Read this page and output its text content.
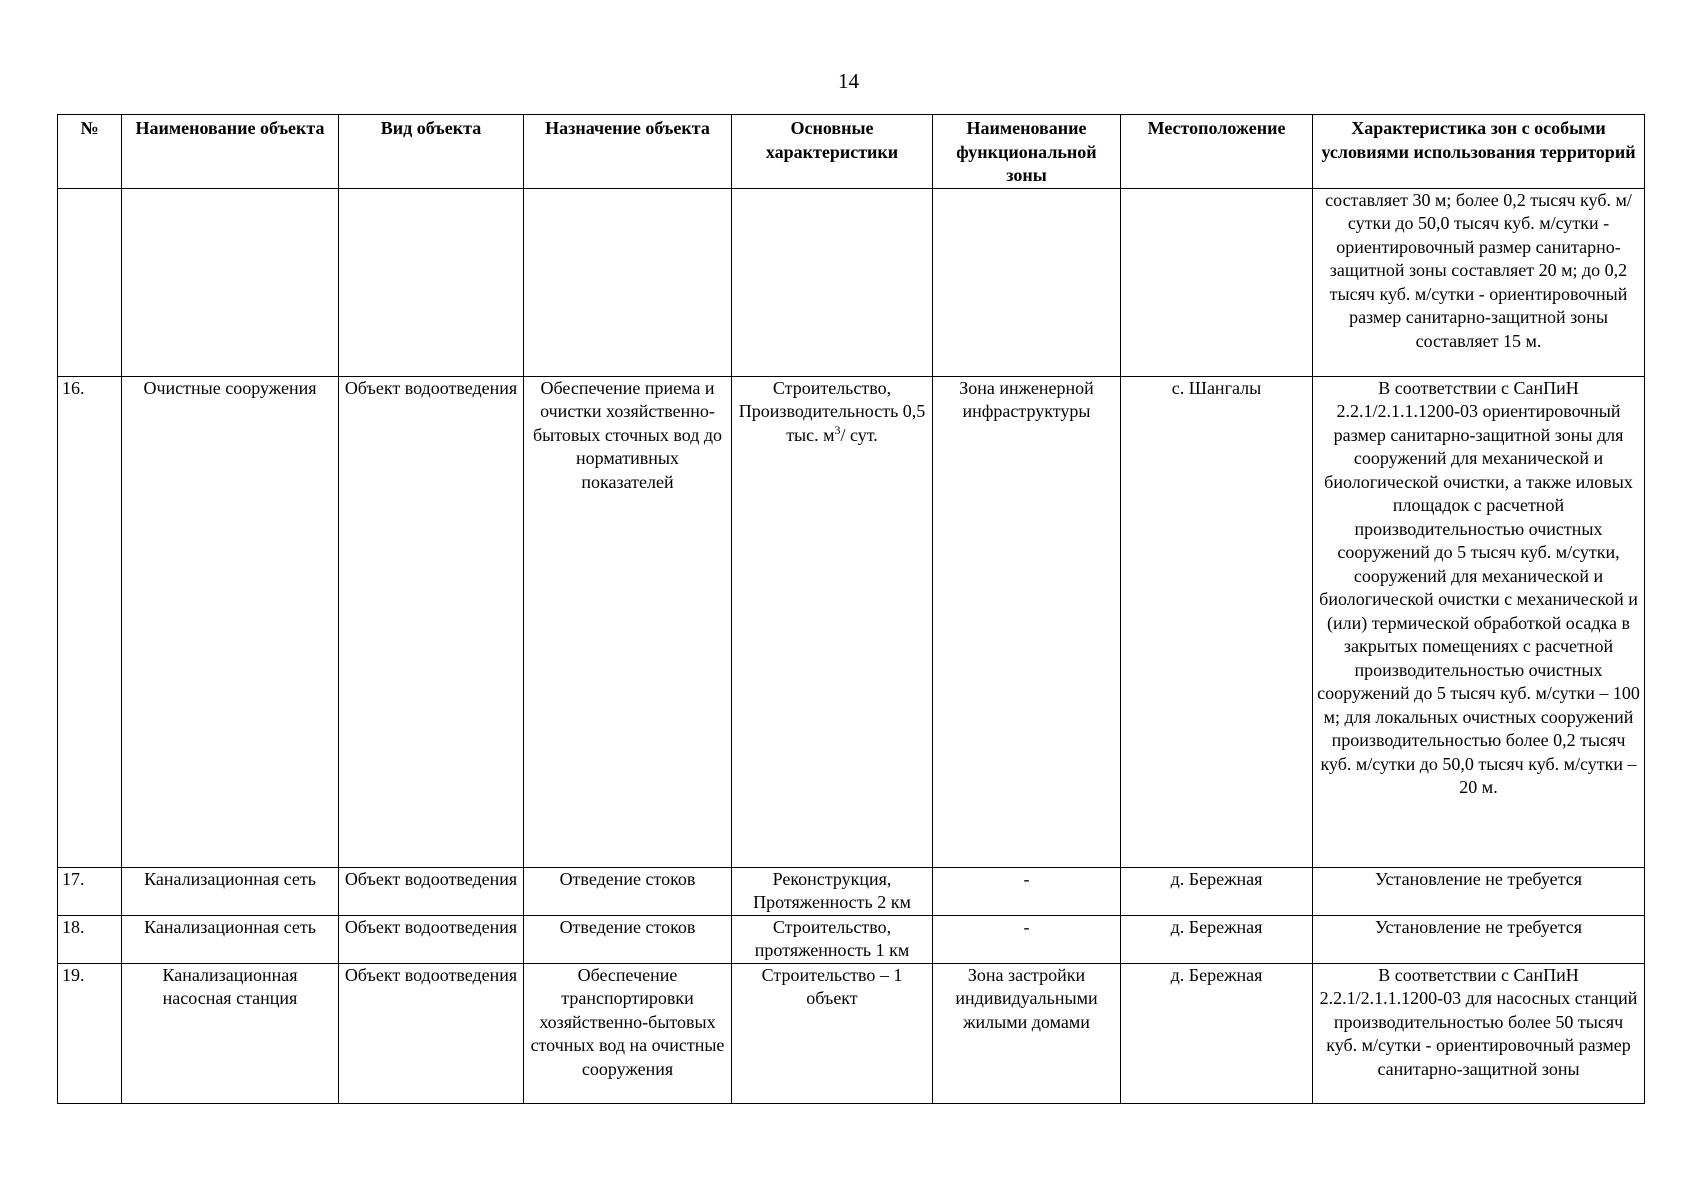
14
№	Наименование объекта	Вид объекта	Назначение объекта	Основные характеристики	Наименование функциональной зоны	Местоположение	Характеристика зон с особыми условиями использования территорий
							составляет 30 м; более 0,2 тысяч куб. м/сутки до 50,0 тысяч куб. м/сутки - ориентировочный размер санитарно-защитной зоны составляет 20 м; до 0,2 тысяч куб. м/сутки - ориентировочный размер санитарно-защитной зоны составляет 15 м.
16.	Очистные сооружения	Объект водоотведения	Обеспечение приема и очистки хозяйственно-бытовых сточных вод до нормативных показателей	Строительство, Производительность 0,5 тыс. $м^3/$ сут.	Зона инженерной инфраструктуры	с. Шангалы	В соответствии с СанПиН 2.2.1/2.1.1.1200-03 ориентировочный размер санитарно-защитной зоны для сооружений для механической и биологической очистки, а также иловых площадок с расчетной производительностью очистных сооружений до 5 тысяч куб. м/сутки, сооружений для механической и биологической очистки с механической и (или) термической обработкой осадка в закрытых помещениях с расчетной производительностью очистных сооружений до 5 тысяч куб. м/сутки – 100 м; для локальных очистных сооружений производительностью более 0,2 тысяч куб. м/сутки до 50,0 тысяч куб. м/сутки – 20 м.
17.	Канализационная сеть	Объект водоотведения	Отведение стоков	Реконструкция, Протяженность 2 км	-	д. Бережная	Установление не требуется
18.	Канализационная сеть	Объект водоотведения	Отведение стоков	Строительство, протяженность 1 км	-	д. Бережная	Установление не требуется
19.	Канализационная насосная станция	Объект водоотведения	Обеспечение транспортировки хозяйственно-бытовых сточных вод на очистные сооружения	Строительство – 1 объект	Зона застройки индивидуальными жилыми домами	д. Бережная	В соответствии с СанПиН 2.2.1/2.1.1.1200-03 для насосных станций производительностью более 50 тысяч куб. м/сутки - ориентировочный размер санитарно-защитной зоны
